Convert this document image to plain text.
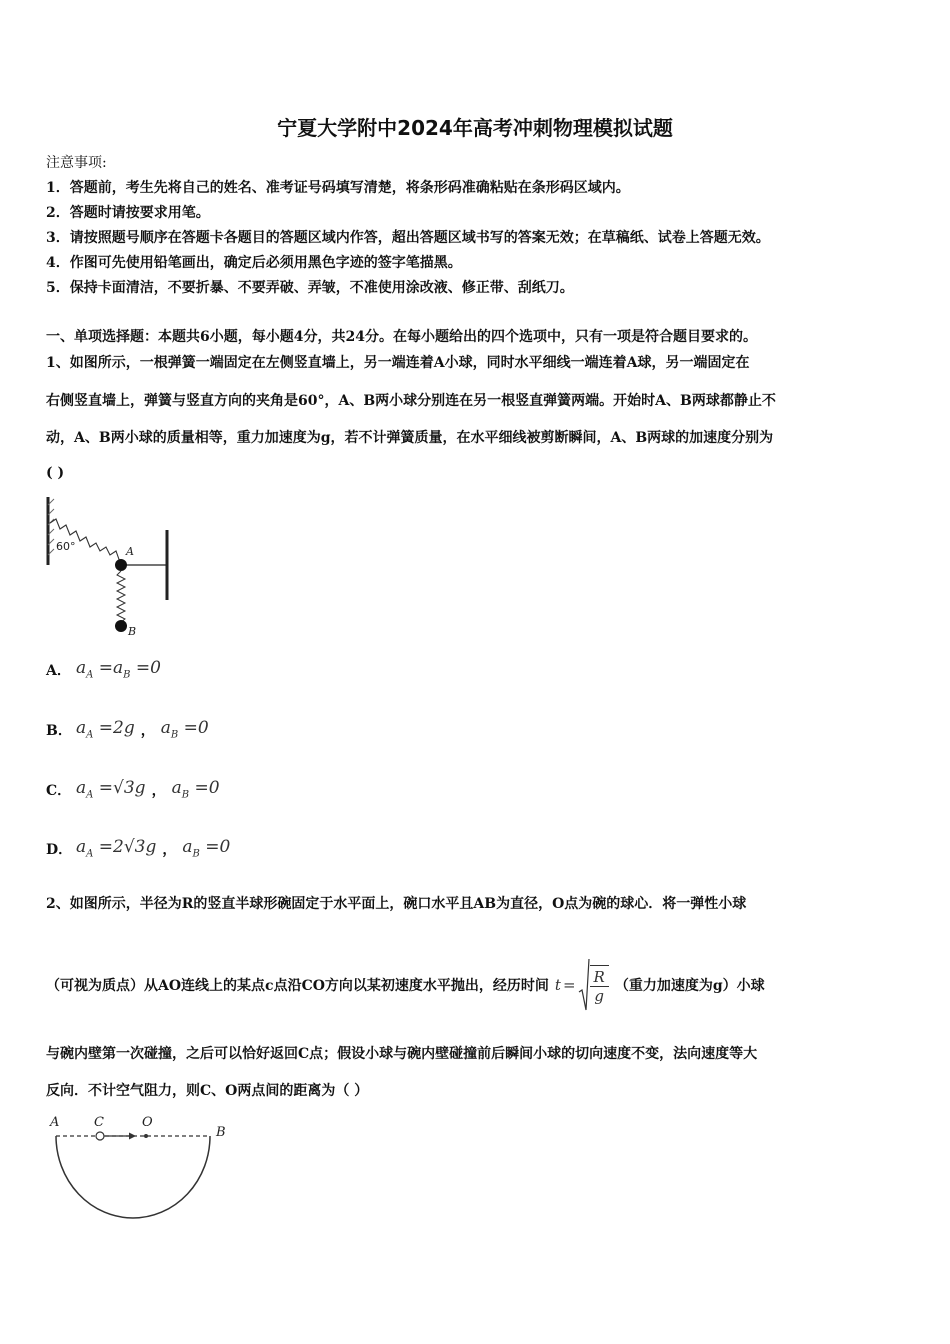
宁夏大学附中2024年高考冲刺物理模拟试题
注意事项:
1．答题前，考生先将自己的姓名、准考证号码填写清楚，将条形码准确粘贴在条形码区域内。
2．答题时请按要求用笔。
3．请按照题号顺序在答题卡各题目的答题区域内作答，超出答题区域书写的答案无效；在草稿纸、试卷上答题无效。
4．作图可先使用铅笔画出，确定后必须用黑色字迹的签字笔描黑。
5．保持卡面清洁，不要折暴、不要弄破、弄皱，不准使用涂改液、修正带、刮纸刀。
一、单项选择题：本题共6小题，每小题4分，共24分。在每小题给出的四个选项中，只有一项是符合题目要求的。
1、如图所示，一根弹簧一端固定在左侧竖直墙上，另一端连着A小球，同时水平细线一端连着A球，另一端固定在
右侧竖直墙上，弹簧与竖直方向的夹角是60°，A、B两小球分别连在另一根竖直弹簧两端。开始时A、B两球都静止不
动，A、B两小球的质量相等，重力加速度为g，若不计弹簧质量，在水平细线被剪断瞬间，A、B两球的加速度分别为
( )
60°	A
B
A． $a_A =a_B =0$
B． $a_A =2g$ ， $a_B =0$
C． $a_A =√3g$ ， $a_B =0$
D． $a_A =2√3g$ ， $a_B =0$
2、如图所示，半径为R的竖直半球形碗固定于水平面上，碗口水平且AB为直径，O点为碗的球心．将一弹性小球
（可视为质点）从AO连线上的某点c点沿CO方向以某初速度水平抛出，经历时间 t = R
g
（重力加速度为g）小球
与碗内壁第一次碰撞，之后可以恰好返回C点；假设小球与碗内壁碰撞前后瞬间小球的切向速度不变，法向速度等大
反向．不计空气阻力，则C、O两点间的距离为（ ）
A	C	O
B
